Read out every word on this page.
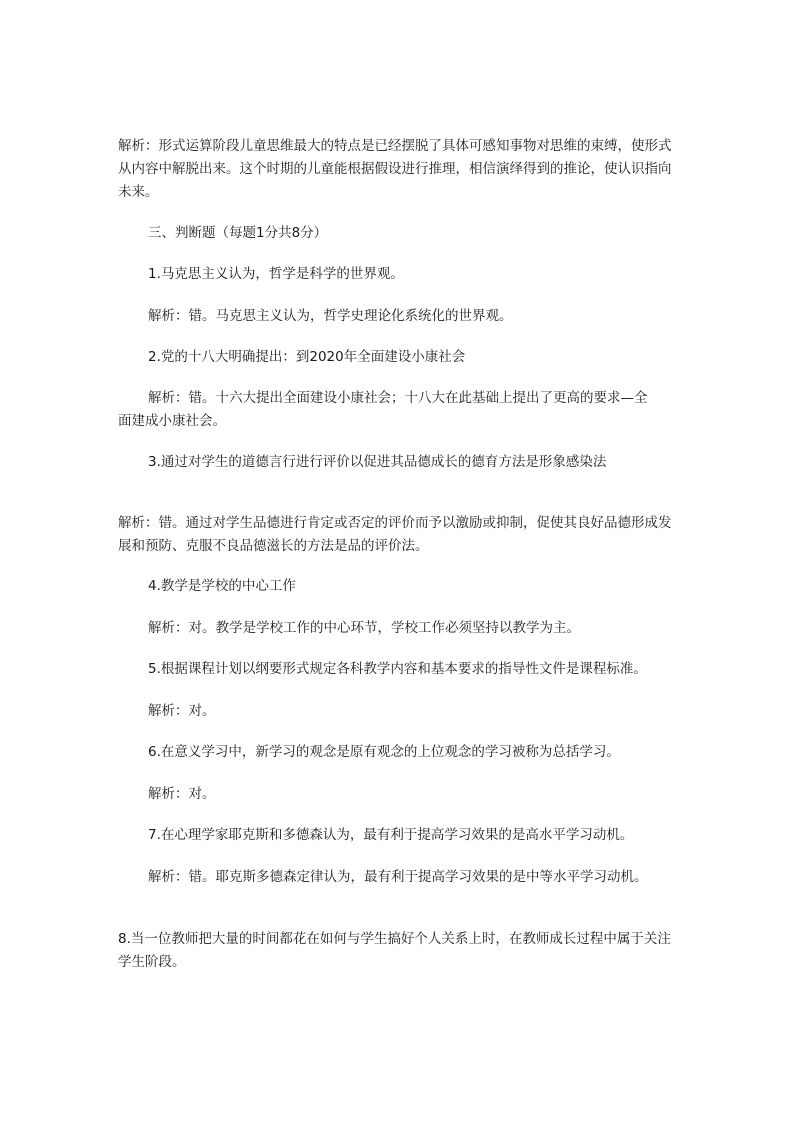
解析：形式运算阶段儿童思维最大的特点是已经摆脱了具体可感知事物对思维的束缚，使形式从内容中解脱出来。这个时期的儿童能根据假设进行推理，相信演绎得到的推论，使认识指向未来。

三、判断题（每题1分共8分）

1.马克思主义认为，哲学是科学的世界观。

解析：错。马克思主义认为，哲学史理论化系统化的世界观。

2.党的十八大明确提出：到2020年全面建设小康社会

解析：错。十六大提出全面建设小康社会；十八大在此基础上提出了更高的要求—全面建成小康社会。

3.通过对学生的道德言行进行评价以促进其品德成长的德育方法是形象感染法

解析：错。通过对学生品德进行肯定或否定的评价而予以激励或抑制，促使其良好品德形成发展和预防、克服不良品德滋长的方法是品的评价法。

4.教学是学校的中心工作

解析：对。教学是学校工作的中心环节，学校工作必须坚持以教学为主。

5.根据课程计划以纲要形式规定各科教学内容和基本要求的指导性文件是课程标准。

解析：对。

6.在意义学习中，新学习的观念是原有观念的上位观念的学习被称为总括学习。

解析：对。

7.在心理学家耶克斯和多德森认为，最有利于提高学习效果的是高水平学习动机。

解析：错。耶克斯多德森定律认为，最有利于提高学习效果的是中等水平学习动机。

8.当一位教师把大量的时间都花在如何与学生搞好个人关系上时，在教师成长过程中属于关注学生阶段。
